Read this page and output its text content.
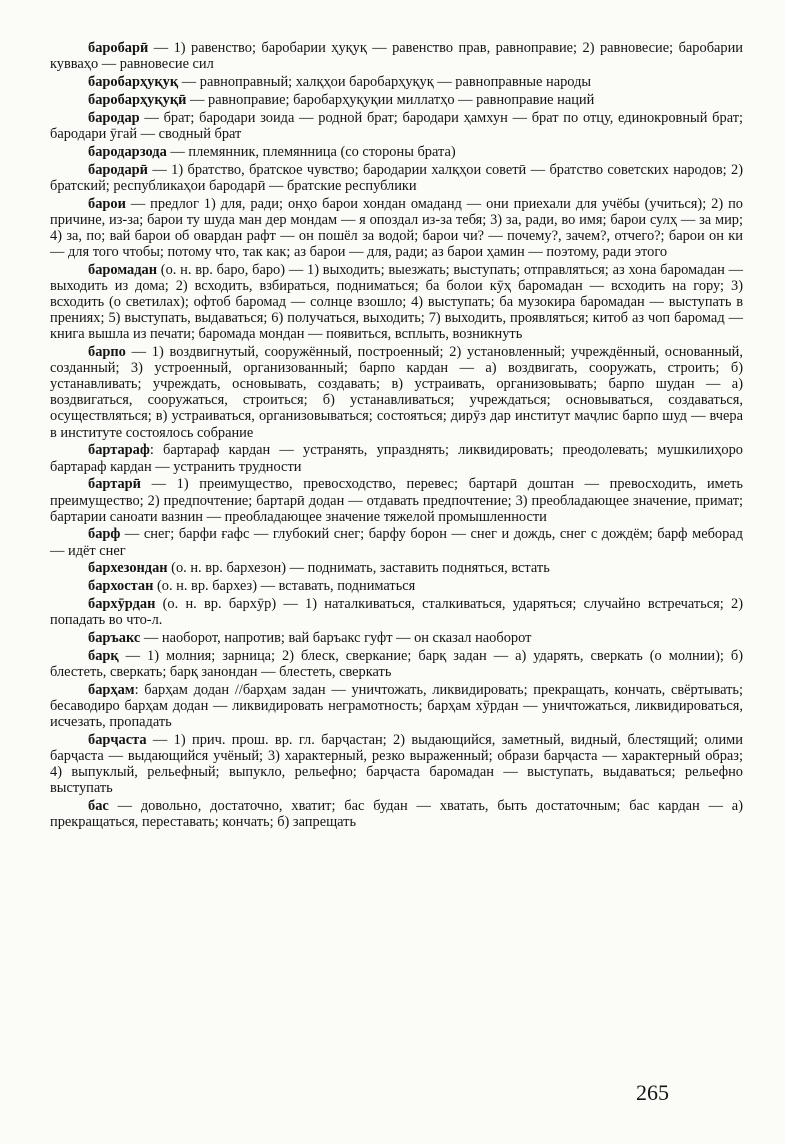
баробарӣ — 1) равенство; баробарии ҳуқуқ — равенство прав, равноправие; 2) равновесие; баробарии кувваҳо — равновесие сил

баробарҳуқуқ — равноправный; халқҳои баробарҳуқуқ — равноправные народы

баробарҳуқуқӣ — равноправие; баробарҳуқуқии миллатҳо — равноправие наций

бародар — брат; бародари зоида — родной брат; бародари ҳамхун — брат по отцу, единокровный брат; бародари ӯгай — сводный брат

бародарзода — племянник, племянница (со стороны брата)

бародарӣ — 1) братство, братское чувство; бародарии халқҳои советӣ — братство советских народов; 2) братский; республикаҳои бародарӣ — братские республики

барои — предлог 1) для, ради; онҳо барои хондан омаданд — они приехали для учёбы (учиться); 2) по причине, из-за; барои ту шуда ман дер мондам — я опоздал из-за тебя; 3) за, ради, во имя; барои сулҳ — за мир; 4) за, по; вай барои об овардан рафт — он пошёл за водой; барои чи? — почему?, зачем?, отчего?; барои он ки — для того чтобы; потому что, так как; аз барои — для, ради; аз барои ҳамин — поэтому, ради этого

баромадан (о. н. вр. баро, баро) — 1) выходить; выезжать; выступать; отправляться; аз хона баромадан — выходить из дома; 2) всходить, взбираться, подниматься; ба болои кӯҳ баромадан — всходить на гору; 3) всходить (о светилах); офтоб баромад — солнце взошло; 4) выступать; ба музокира баромадан — выступать в прениях; 5) выступать, выдаваться; 6) получаться, выходить; 7) выходить, проявляться; китоб аз чоп баромад — книга вышла из печати; баромада мондан — появиться, всплыть, возникнуть

барпо — 1) воздвигнутый, сооружённый, построенный; 2) установленный; учреждённый, основанный, созданный; 3) устроенный, организованный; барпо кардан — а) воздвигать, сооружать, строить; б) устанавливать; учреждать, основывать, создавать; в) устраивать, организовывать; барпо шудан — а) воздвигаться, сооружаться, строиться; б) устанавливаться; учреждаться; основываться, создаваться, осуществляться; в) устраиваться, организовываться; состояться; дирӯз дар институт маҷлис барпо шуд — вчера в институте состоялось собрание

бартараф: бартараф кардан — устранять, упразднять; ликвидировать; преодолевать; мушкилиҳоро бартараф кардан — устранить трудности

бартарӣ — 1) преимущество, превосходство, перевес; бартарӣ доштан — превосходить, иметь преимущество; 2) предпочтение; бартарӣ додан — отдавать предпочтение; 3) преобладающее значение, примат; бартарии саноати вазнин — преобладающее значение тяжелой промышленности

барф — снег; барфи ғафс — глубокий снег; барфу борон — снег и дождь, снег с дождём; барф меборад — идёт снег

бархезондан (о. н. вр. бархезон) — поднимать, заставить подняться, встать

бархостан (о. н. вр. бархез) — вставать, подниматься

бархӯрдан (о. н. вр. бархӯр) — 1) наталкиваться, сталкиваться, ударяться; случайно встречаться; 2) попадать во что-л.

баръакс — наоборот, напротив; вай баръакс гуфт — он сказал наоборот

барқ — 1) молния; зарница; 2) блеск, сверкание; барқ задан — а) ударять, сверкать (о молнии); б) блестеть, сверкать; барқ занондан — блестеть, сверкать

барҳам: барҳам додан //барҳам задан — уничтожать, ликвидировать; прекращать, кончать, свёртывать; бесаводиро барҳам додан — ликвидировать неграмотность; барҳам хӯрдан — уничтожаться, ликвидироваться, исчезать, пропадать

барҷаста — 1) прич. прош. вр. гл. барҷастан; 2) выдающийся, заметный, видный, блестящий; олими барҷаста — выдающийся учёный; 3) характерный, резко выраженный; образи барҷаста — характерный образ; 4) выпуклый, рельефный; выпукло, рельефно; барҷаста баромадан — выступать, выдаваться; рельефно выступать

бас — довольно, достаточно, хватит; бас будан — хватать, быть достаточным; бас кардан — а) прекращаться, переставать; кончать; б) запрещать

265
